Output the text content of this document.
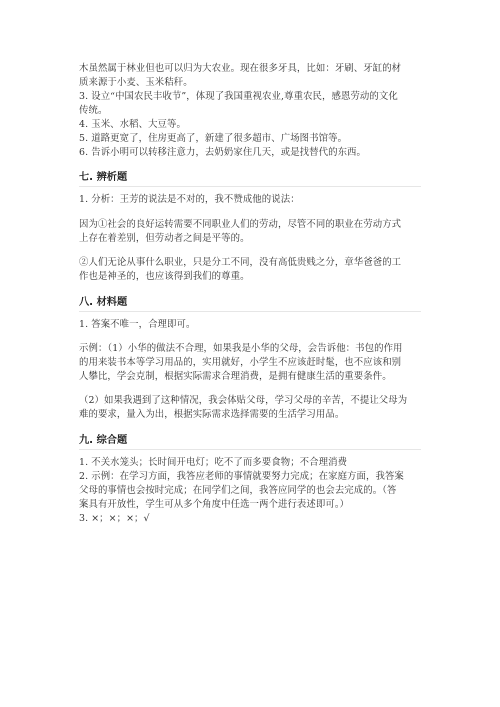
木虽然属于林业但也可以归为大农业。现在很多牙具，比如：牙刷、牙缸的材
质来源于小麦、玉米秸秆。
3. 设立“中国农民丰收节”，体现了我国重视农业,尊重农民，感恩劳动的文化
传统。
4. 玉米、水稻、大豆等。
5. 道路更宽了，住房更高了，新建了很多超市、广场图书馆等。
6. 告诉小明可以转移注意力，去奶奶家住几天，或是找替代的东西。
七. 辨析题
1. 分析：王芳的说法是不对的，我不赞成他的说法：
因为①社会的良好运转需要不同职业人们的劳动，尽管不同的职业在劳动方式
上存在着差别，但劳动者之间是平等的。
②人们无论从事什么职业，只是分工不同，没有高低贵贱之分，章华爸爸的工
作也是神圣的，也应该得到我们的尊重。
八. 材料题
1. 答案不唯一，合理即可。
示例：（1）小华的做法不合理，如果我是小华的父母，会告诉他：书包的作用
的用来装书本等学习用品的，实用就好，小学生不应该赶时髦，也不应该和别
人攀比，学会克制，根据实际需求合理消费，是拥有健康生活的重要条件。
（2）如果我遇到了这种情况，我会体贴父母，学习父母的辛苦，不提让父母为
难的要求，量入为出，根据实际需求选择需要的生活学习用品。
九. 综合题
1. 不关水笼头；长时间开电灯；吃不了而多要食物；不合理消费
2. 示例：在学习方面，我答应老师的事情就要努力完成；在家庭方面，我答案
父母的事情也会按时完成；在同学们之间，我答应同学的也会去完成的。（答
案具有开放性，学生可从多个角度中任选一两个进行表述即可。）
3. ×；×；×；√
